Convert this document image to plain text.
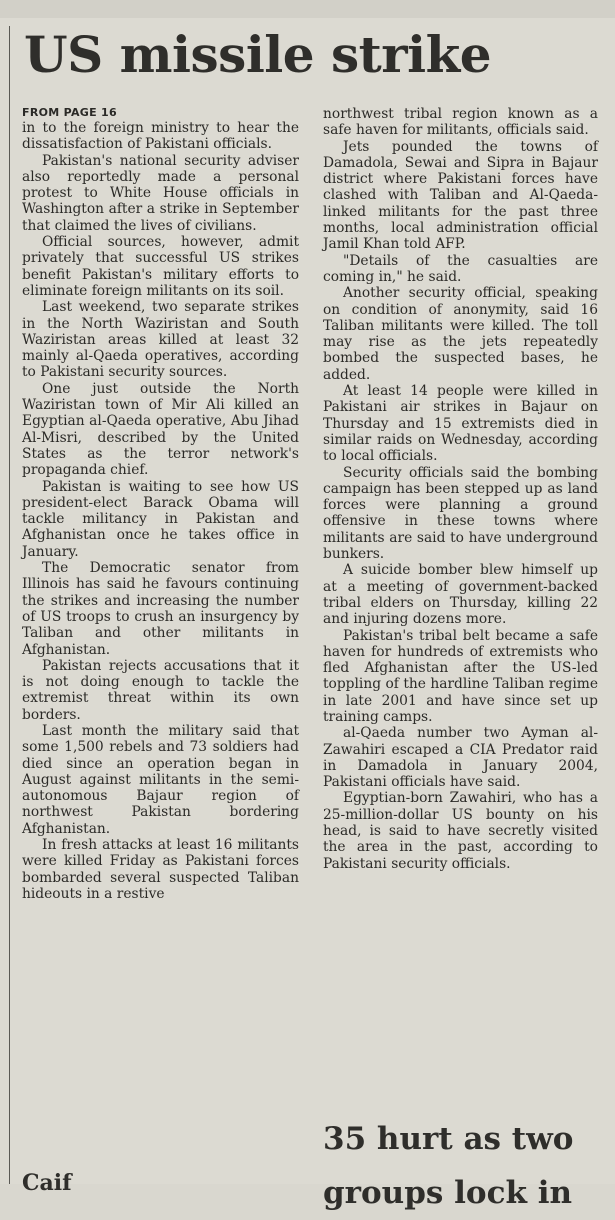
US missile strike
FROM PAGE 16

in to the foreign ministry to hear the dissatisfaction of Pakistani officials.

Pakistan's national security adviser also reportedly made a personal protest to White House officials in Washington after a strike in September that claimed the lives of civilians.

Official sources, however, admit privately that successful US strikes benefit Pakistan's military efforts to eliminate foreign militants on its soil.

Last weekend, two separate strikes in the North Waziristan and South Waziristan areas killed at least 32 mainly al-Qaeda operatives, according to Pakistani security sources.

One just outside the North Waziristan town of Mir Ali killed an Egyptian al-Qaeda operative, Abu Jihad Al-Misri, described by the United States as the terror network's propaganda chief.

Pakistan is waiting to see how US president-elect Barack Obama will tackle militancy in Pakistan and Afghanistan once he takes office in January.

The Democratic senator from Illinois has said he favours continuing the strikes and increasing the number of US troops to crush an insurgency by Taliban and other militants in Afghanistan.

Pakistan rejects accusations that it is not doing enough to tackle the extremist threat within its own borders.

Last month the military said that some 1,500 rebels and 73 soldiers had died since an operation began in August against militants in the semi-autonomous Bajaur region of northwest Pakistan bordering Afghanistan.

In fresh attacks at least 16 militants were killed Friday as Pakistani forces bombarded several suspected Taliban hideouts in a restive

northwest tribal region known as a safe haven for militants, officials said.

Jets pounded the towns of Damadola, Sewai and Sipra in Bajaur district where Pakistani forces have clashed with Taliban and Al-Qaeda-linked militants for the past three months, local administration official Jamil Khan told AFP.

"Details of the casualties are coming in," he said.

Another security official, speaking on condition of anonymity, said 16 Taliban militants were killed. The toll may rise as the jets repeatedly bombed the suspected bases, he added.

At least 14 people were killed in Pakistani air strikes in Bajaur on Thursday and 15 extremists died in similar raids on Wednesday, according to local officials.

Security officials said the bombing campaign has been stepped up as land forces were planning a ground offensive in these towns where militants are said to have underground bunkers.

A suicide bomber blew himself up at a meeting of government-backed tribal elders on Thursday, killing 22 and injuring dozens more.

Pakistan's tribal belt became a safe haven for hundreds of extremists who fled Afghanistan after the US-led toppling of the hardline Taliban regime in late 2001 and have since set up training camps.

al-Qaeda number two Ayman al-Zawahiri escaped a CIA Predator raid in Damadola in January 2004, Pakistani officials have said.

Egyptian-born Zawahiri, who has a 25-million-dollar US bounty on his head, is said to have secretly visited the area in the past, according to Pakistani security officials.

35 hurt as two
groups lock in
Caif
